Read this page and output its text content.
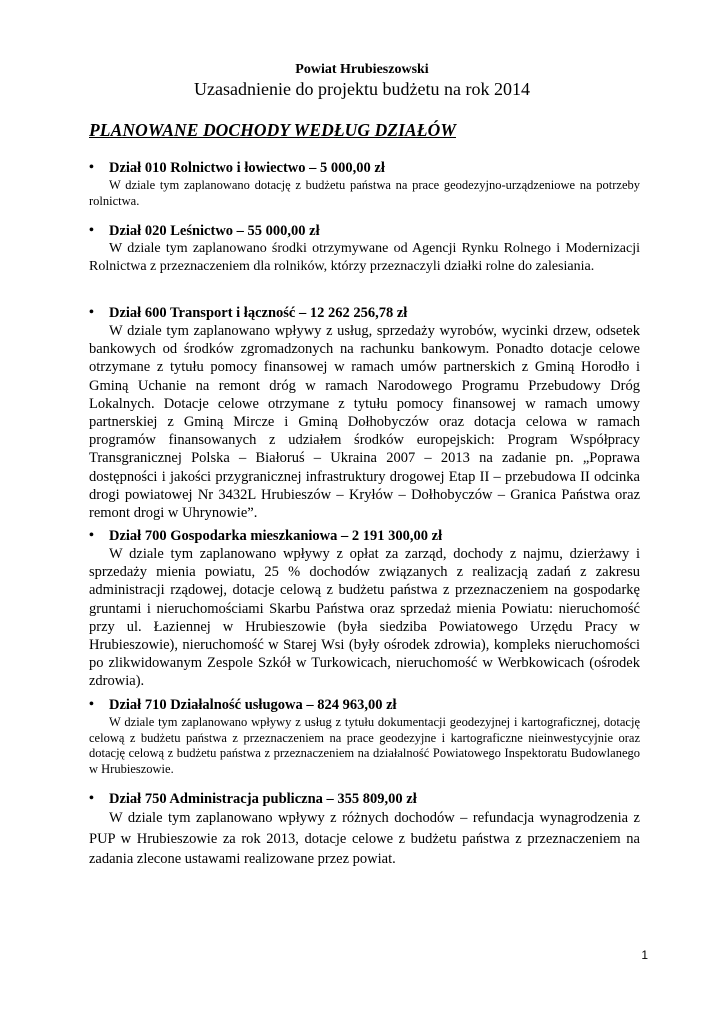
Powiat Hrubieszowski
Uzasadnienie do projektu budżetu na rok 2014
PLANOWANE DOCHODY WEDŁUG DZIAŁÓW
• Dział 010 Rolnictwo i łowiectwo – 5 000,00 zł
W dziale tym zaplanowano dotację z budżetu państwa na prace geodezyjno-urządzeniowe na potrzeby rolnictwa.
• Dział 020 Leśnictwo – 55 000,00 zł
W dziale tym zaplanowano środki otrzymywane od Agencji Rynku Rolnego i Modernizacji Rolnictwa z przeznaczeniem dla rolników, którzy przeznaczyli działki rolne do zalesiania.
• Dział 600 Transport i łączność – 12 262 256,78 zł
W dziale tym zaplanowano wpływy z usług, sprzedaży wyrobów, wycinki drzew, odsetek bankowych od środków zgromadzonych na rachunku bankowym. Ponadto dotacje celowe otrzymane z tytułu pomocy finansowej w ramach umów partnerskich z Gminą Horodło i Gminą Uchanie na remont dróg w ramach Narodowego Programu Przebudowy Dróg Lokalnych. Dotacje celowe otrzymane z tytułu pomocy finansowej w ramach umowy partnerskiej z Gminą Mircze i Gminą Dołhobyczów oraz dotacja celowa w ramach programów finansowanych z udziałem środków europejskich: Program Współpracy Transgranicznej Polska – Białoruś – Ukraina 2007 – 2013 na zadanie pn. „Poprawa dostępności i jakości przygranicznej infrastruktury drogowej Etap II – przebudowa II odcinka drogi powiatowej Nr 3432L Hrubieszów – Kryłów – Dołhobyczów – Granica Państwa oraz remont drogi w Uhrynowie”.
• Dział 700 Gospodarka mieszkaniowa – 2 191 300,00 zł
W dziale tym zaplanowano wpływy z opłat za zarząd, dochody z najmu, dzierżawy i sprzedaży mienia powiatu, 25 % dochodów związanych z realizacją zadań z zakresu administracji rządowej, dotacje celową z budżetu państwa z przeznaczeniem na gospodarkę gruntami i nieruchomościami Skarbu Państwa oraz sprzedaż mienia Powiatu: nieruchomość przy ul. Łaziennej w Hrubieszowie (była siedziba Powiatowego Urzędu Pracy w Hrubieszowie), nieruchomość w Starej Wsi (były ośrodek zdrowia), kompleks nieruchomości po zlikwidowanym Zespole Szkół w Turkowicach, nieruchomość w Werbkowicach (ośrodek zdrowia).
• Dział 710 Działalność usługowa – 824 963,00 zł
W dziale tym zaplanowano wpływy z usług z tytułu dokumentacji geodezyjnej i kartograficznej, dotację celową z budżetu państwa z przeznaczeniem na prace geodezyjne i kartograficzne nieinwestycyjnie oraz dotację celową z budżetu państwa z przeznaczeniem na działalność Powiatowego Inspektoratu Budowlanego w Hrubieszowie.
• Dział 750 Administracja publiczna – 355 809,00 zł
W dziale tym zaplanowano wpływy z różnych dochodów – refundacja wynagrodzenia z PUP w Hrubieszowie za rok 2013, dotacje celowe z budżetu państwa z przeznaczeniem na zadania zlecone ustawami realizowane przez powiat.
1
